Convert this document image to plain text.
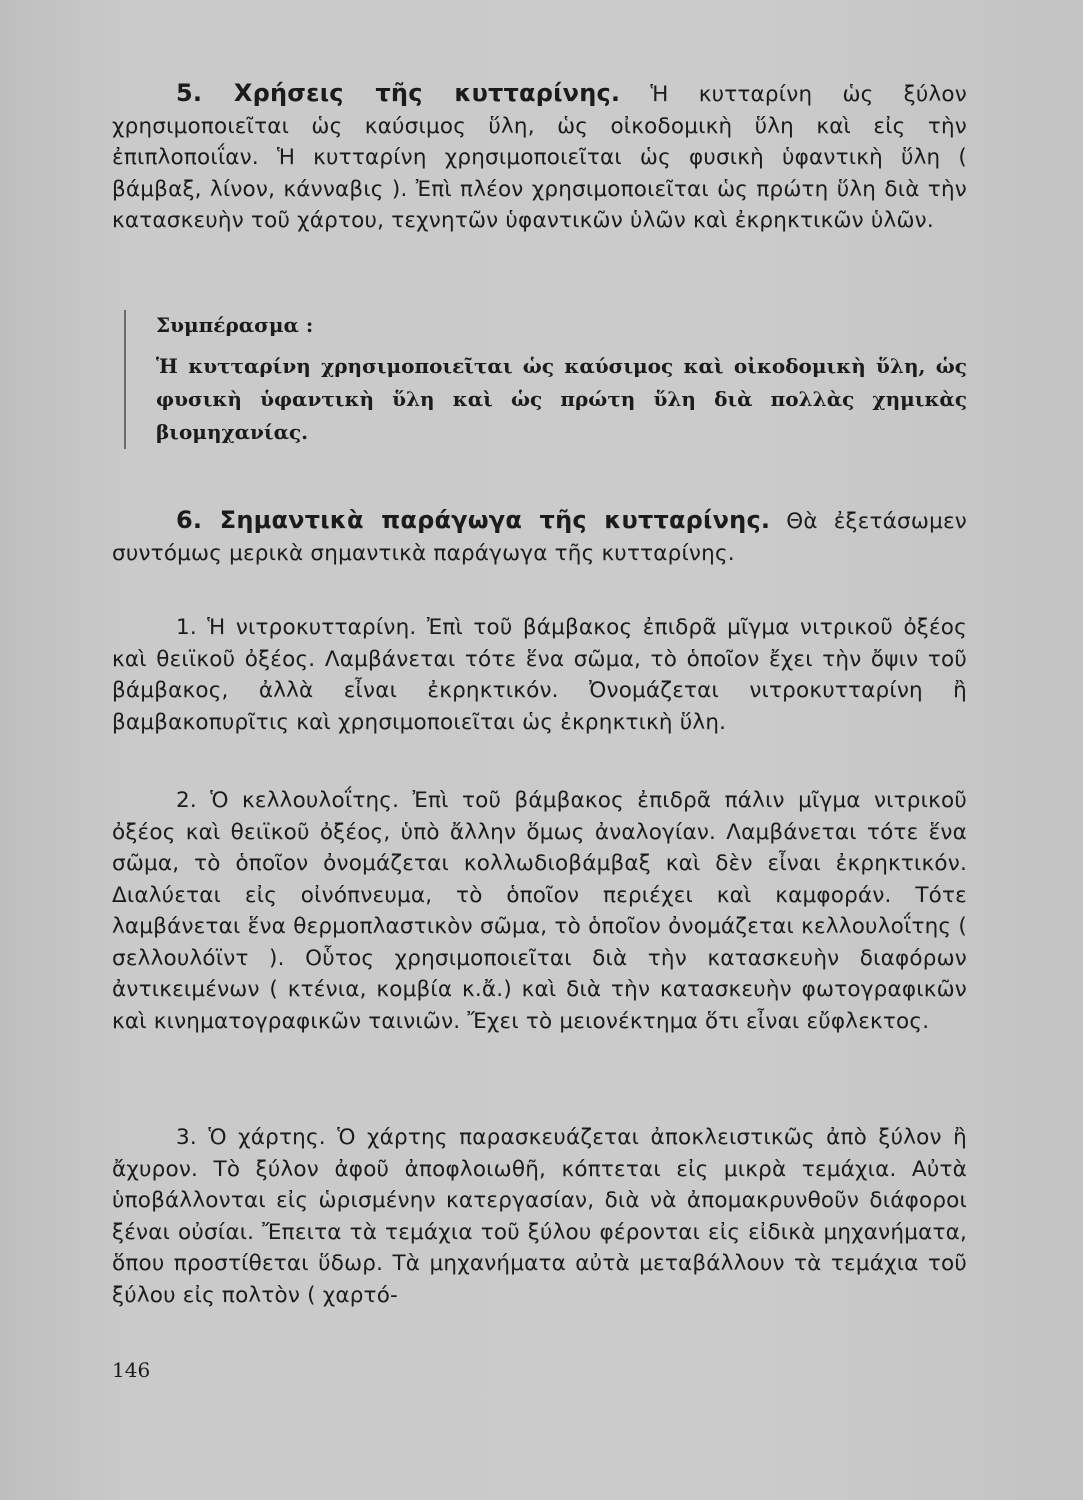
5. Χρήσεις τῆς κυτταρίνης. Ἡ κυτταρίνη ὡς ξύλον χρησιμοποιεῖται ὡς καύσιμος ὕλη, ὡς οἰκοδομικὴ ὕλη καὶ εἰς τὴν ἐπιπλοποιΐαν. Ἡ κυτταρίνη χρησιμοποιεῖται ὡς φυσικὴ ὑφαντικὴ ὕλη ( βάμβαξ, λίνον, κάνναβις ). Ἐπὶ πλέον χρησιμοποιεῖται ὡς πρώτη ὕλη διὰ τὴν κατασκευὴν τοῦ χάρτου, τεχνητῶν ὑφαντικῶν ὑλῶν καὶ ἐκρηκτικῶν ὑλῶν.

Συμπέρασμα :

Ἡ κυτταρίνη χρησιμοποιεῖται ὡς καύσιμος καὶ οἰκοδομικὴ ὕλη, ὡς φυσικὴ ὑφαντικὴ ὕλη καὶ ὡς πρώτη ὕλη διὰ πολλὰς χημικὰς βιομηχανίας.

6. Σημαντικὰ παράγωγα τῆς κυτταρίνης. Θὰ ἐξετάσωμεν συντόμως μερικὰ σημαντικὰ παράγωγα τῆς κυτταρίνης.

1. Ἡ νιτροκυτταρίνη. Ἐπὶ τοῦ βάμβακος ἐπιδρᾶ μῖγμα νιτρικοῦ ὀξέος καὶ θειϊκοῦ ὀξέος. Λαμβάνεται τότε ἕνα σῶμα, τὸ ὁποῖον ἔχει τὴν ὄψιν τοῦ βάμβακος, ἀλλὰ εἶναι ἐκρηκτικόν. Ὀνομάζεται νιτροκυτταρίνη ἢ βαμβακοπυρῖτις καὶ χρησιμοποιεῖται ὡς ἐκρηκτικὴ ὕλη.

2. Ὁ κελλουλοΐτης. Ἐπὶ τοῦ βάμβακος ἐπιδρᾶ πάλιν μῖγμα νιτρικοῦ ὀξέος καὶ θειϊκοῦ ὀξέος, ὑπὸ ἄλλην ὅμως ἀναλογίαν. Λαμβάνεται τότε ἕνα σῶμα, τὸ ὁποῖον ὀνομάζεται κολλωδιοβάμβαξ καὶ δὲν εἶναι ἐκρηκτικόν. Διαλύεται εἰς οἰνόπνευμα, τὸ ὁποῖον περιέχει καὶ καμφοράν. Τότε λαμβάνεται ἕνα θερμοπλαστικὸν σῶμα, τὸ ὁποῖον ὀνομάζεται κελλουλοΐτης ( σελλουλόϊντ ). Οὗτος χρησιμοποιεῖται διὰ τὴν κατασκευὴν διαφόρων ἀντικειμένων ( κτένια, κομβία κ.ἄ.) καὶ διὰ τὴν κατασκευὴν φωτογραφικῶν καὶ κινηματογραφικῶν ταινιῶν. Ἔχει τὸ μειονέκτημα ὅτι εἶναι εὔφλεκτος.

3. Ὁ χάρτης. Ὁ χάρτης παρασκευάζεται ἀποκλειστικῶς ἀπὸ ξύλον ἢ ἄχυρον. Τὸ ξύλον ἀφοῦ ἀποφλοιωθῆ, κόπτεται εἰς μικρὰ τεμάχια. Αὐτὰ ὑποβάλλονται εἰς ὡρισμένην κατεργασίαν, διὰ νὰ ἀπομακρυνθοῦν διάφοροι ξέναι οὐσίαι. Ἔπειτα τὰ τεμάχια τοῦ ξύλου φέρονται εἰς εἰδικὰ μηχανήματα, ὅπου προστίθεται ὕδωρ. Τὰ μηχανήματα αὐτὰ μεταβάλλουν τὰ τεμάχια τοῦ ξύλου εἰς πολτὸν ( χαρτό-

146
